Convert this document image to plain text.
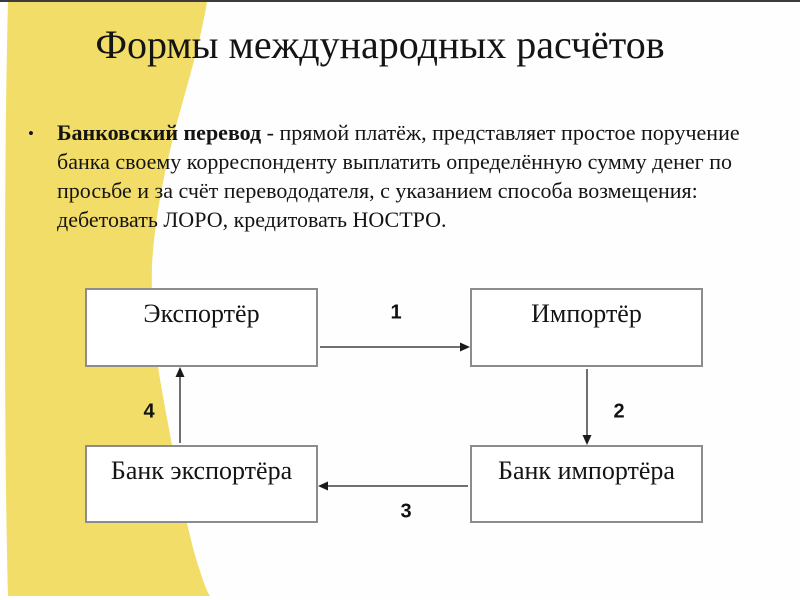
Формы международных расчётов
•	Банковский перевод - прямой платёж, представляет простое поручение
банка своему корреспонденту выплатить определённую сумму денег по
просьбе и за счёт перевододателя, с указанием способа возмещения:
дебетовать ЛОРО, кредитовать НОСТРО.
Экспортёр	Импортёр
Банк экспортёра	Банк импортёра
1
2
3
4
